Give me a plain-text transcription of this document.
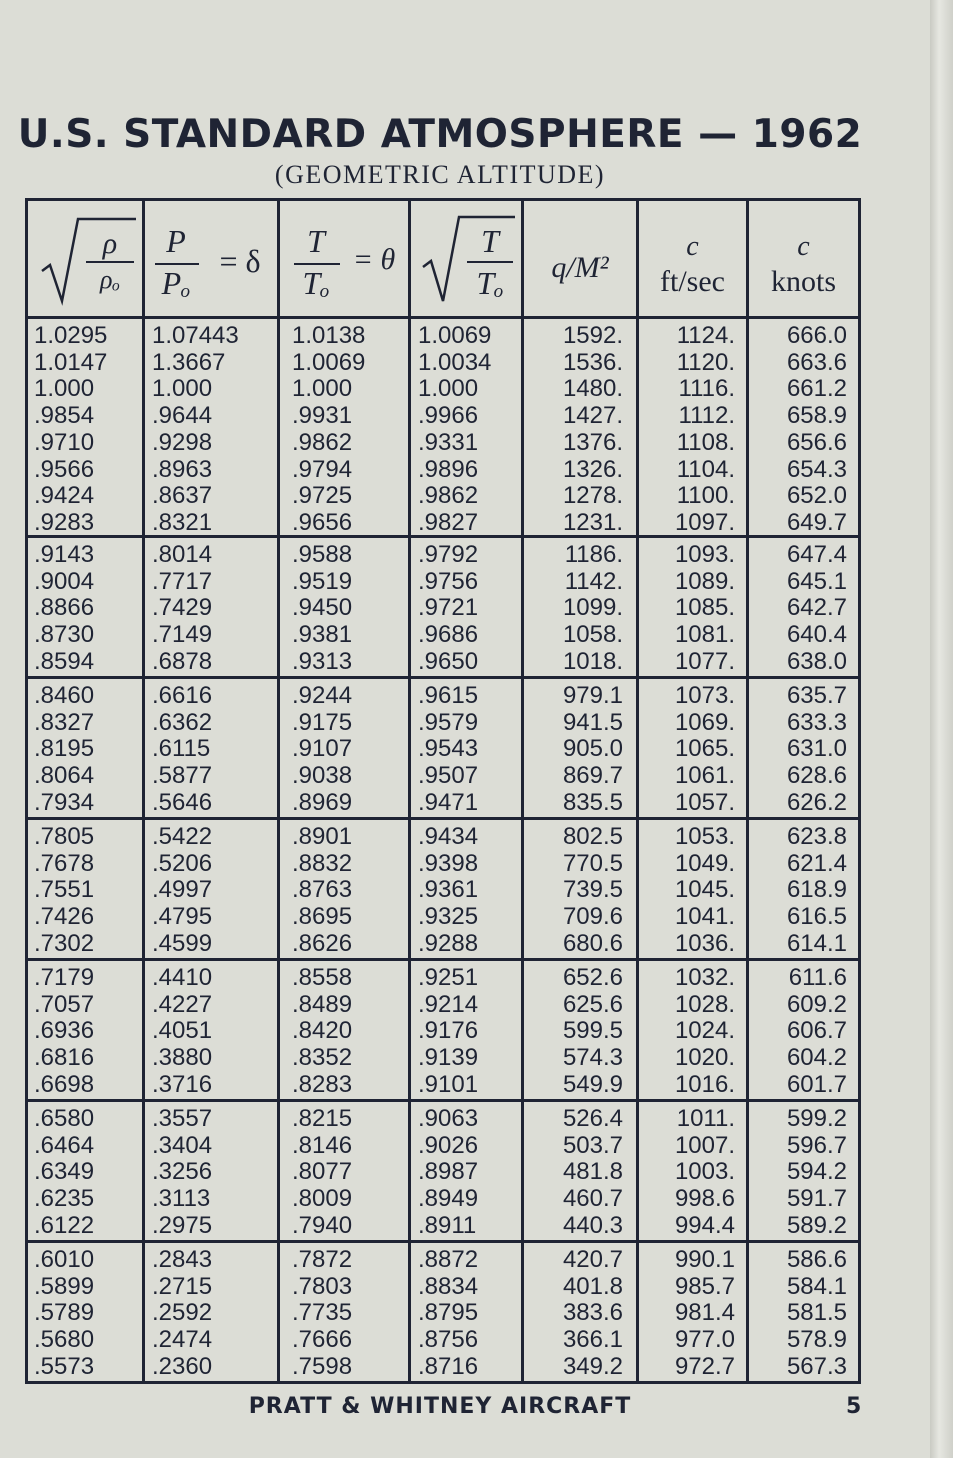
U.S. STANDARD ATMOSPHERE — 1962
(GEOMETRIC ALTITUDE)
ρ
ρₒ
P
Pₒ
= δ
T
Tₒ
= θ
T
Tₒ	q/M²
c
ft/sec
c
knots
1.0295
1.0147
1.000
.9854
.9710
.9566
.9424
.9283
.9143
.9004
.8866
.8730
.8594
.8460
.8327
.8195
.8064
.7934
.7805
.7678
.7551
.7426
.7302
.7179
.7057
.6936
.6816
.6698
.6580
.6464
.6349
.6235
.6122
.6010
.5899
.5789
.5680
.5573
1.07443
1.3667
1.000
.9644
.9298
.8963
.8637
.8321
.8014
.7717
.7429
.7149
.6878
.6616
.6362
.6115
.5877
.5646
.5422
.5206
.4997
.4795
.4599
.4410
.4227
.4051
.3880
.3716
.3557
.3404
.3256
.3113
.2975
.2843
.2715
.2592
.2474
.2360
1.0138
1.0069
1.000
.9931
.9862
.9794
.9725
.9656
.9588
.9519
.9450
.9381
.9313
.9244
.9175
.9107
.9038
.8969
.8901
.8832
.8763
.8695
.8626
.8558
.8489
.8420
.8352
.8283
.8215
.8146
.8077
.8009
.7940
.7872
.7803
.7735
.7666
.7598
1.0069
1.0034
1.000
.9966
.9331
.9896
.9862
.9827
.9792
.9756
.9721
.9686
.9650
.9615
.9579
.9543
.9507
.9471
.9434
.9398
.9361
.9325
.9288
.9251
.9214
.9176
.9139
.9101
.9063
.9026
.8987
.8949
.8911
.8872
.8834
.8795
.8756
.8716
1592.
1536.
1480.
1427.
1376.
1326.
1278.
1231.
1186.
1142.
1099.
1058.
1018.
979.1
941.5
905.0
869.7
835.5
802.5
770.5
739.5
709.6
680.6
652.6
625.6
599.5
574.3
549.9
526.4
503.7
481.8
460.7
440.3
420.7
401.8
383.6
366.1
349.2
1124.
1120.
1116.
1112.
1108.
1104.
1100.
1097.
1093.
1089.
1085.
1081.
1077.
1073.
1069.
1065.
1061.
1057.
1053.
1049.
1045.
1041.
1036.
1032.
1028.
1024.
1020.
1016.
1011.
1007.
1003.
998.6
994.4
990.1
985.7
981.4
977.0
972.7
666.0
663.6
661.2
658.9
656.6
654.3
652.0
649.7
647.4
645.1
642.7
640.4
638.0
635.7
633.3
631.0
628.6
626.2
623.8
621.4
618.9
616.5
614.1
611.6
609.2
606.7
604.2
601.7
599.2
596.7
594.2
591.7
589.2
586.6
584.1
581.5
578.9
567.3
PRATT & WHITNEY AIRCRAFT	5
